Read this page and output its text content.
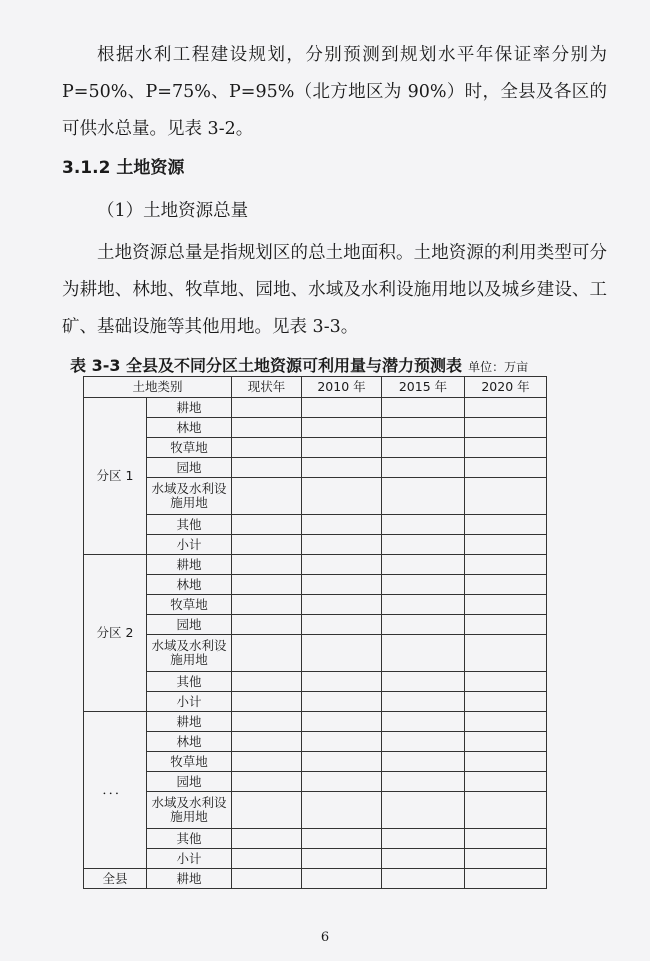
根据水利工程建设规划，分别预测到规划水平年保证率分别为P=50%、P=75%、P=95%（北方地区为 90%）时，全县及各区的可供水总量。见表 3-2。

3.1.2 土地资源
（1）土地资源总量

土地资源总量是指规划区的总土地面积。土地资源的利用类型可分为耕地、林地、牧草地、园地、水域及水利设施用地以及城乡建设、工矿、基础设施等其他用地。见表 3-3。

表 3-3 全县及不同分区土地资源可利用量与潜力预测表 单位：万亩
土地类别		现状年	2010 年	2015 年	2020 年
分区 1	耕地				
	林地				
	牧草地				
	园地				
	水域及水利设施用地				
	其他				
	小计				
分区 2	耕地				
	林地				
	牧草地				
	园地				
	水域及水利设施用地				
	其他				
	小计				
．．．	耕地				
	林地				
	牧草地				
	园地				
	水域及水利设施用地				
	其他				
	小计				
全县	耕地				
6
